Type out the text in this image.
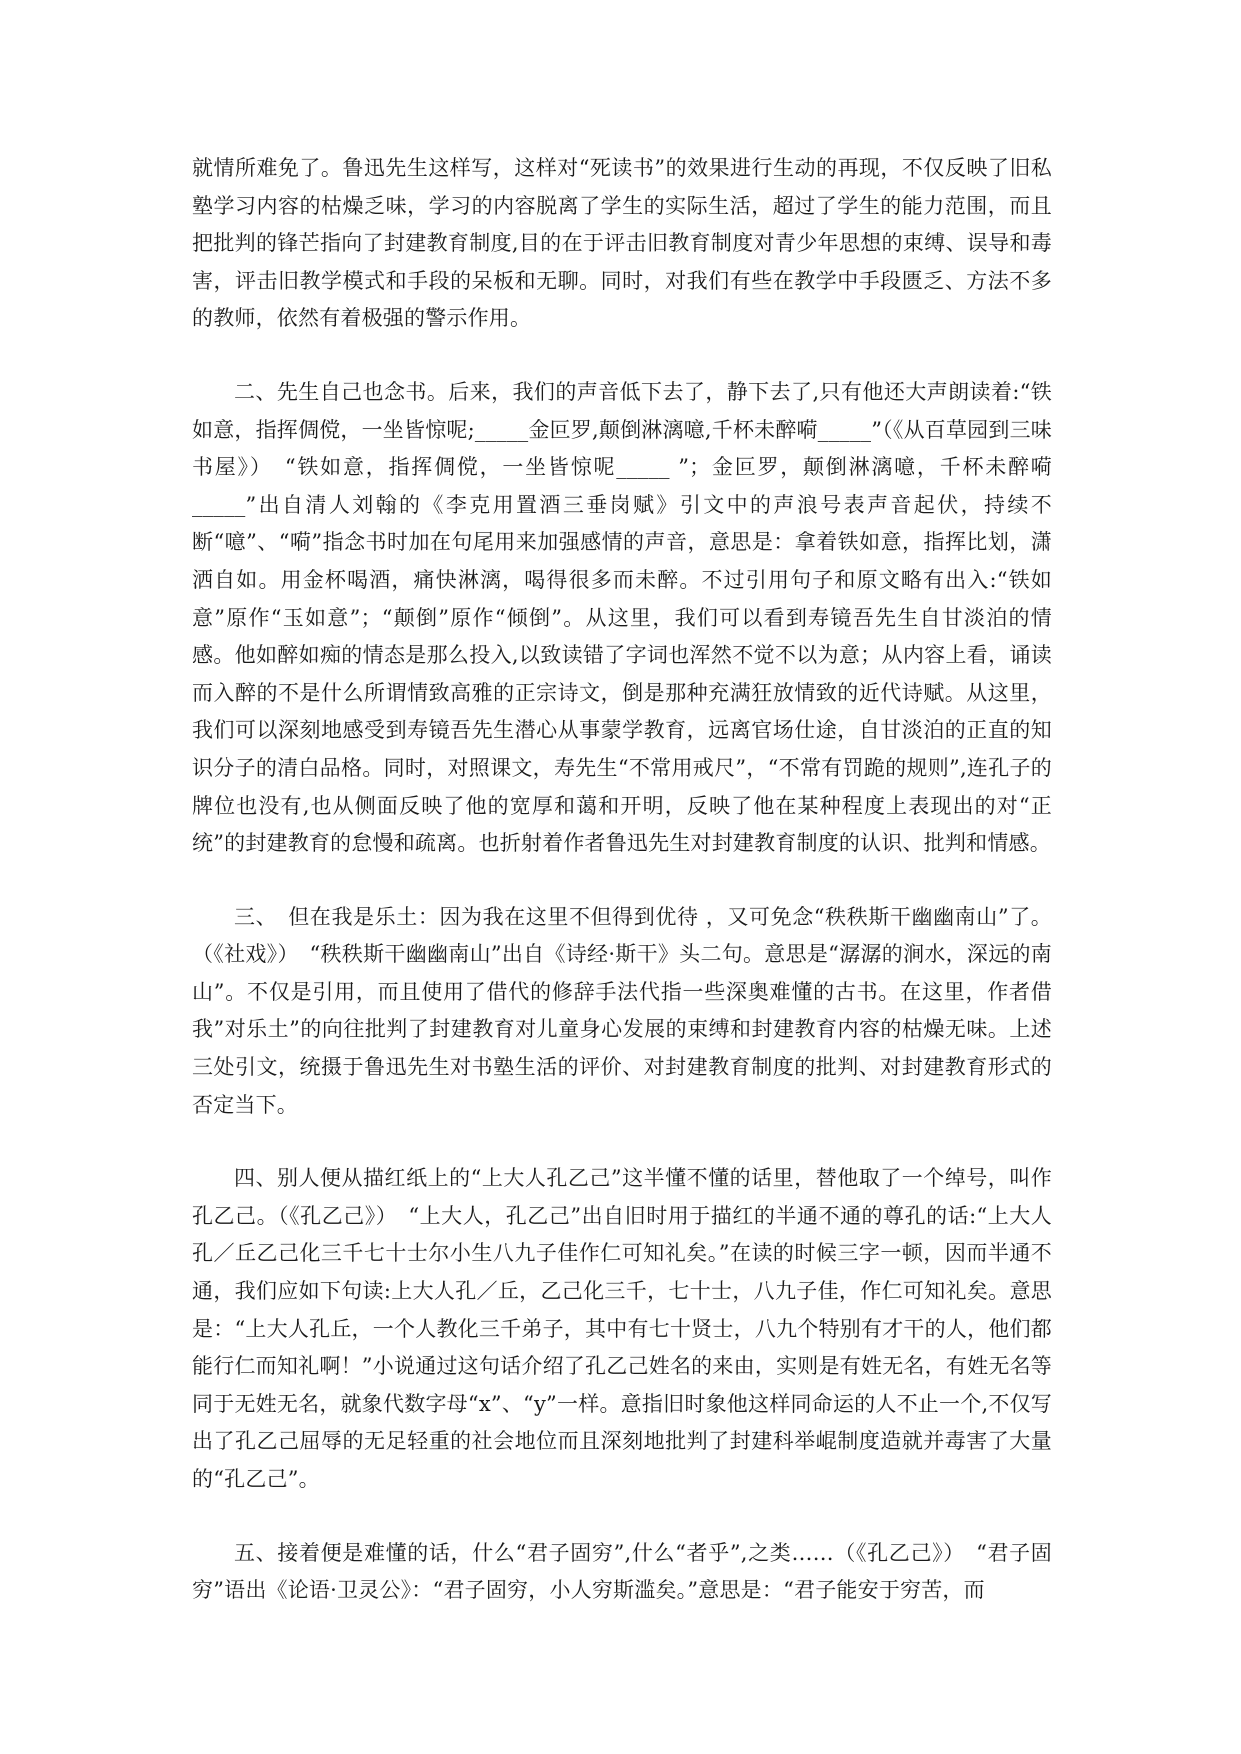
就情所难免了。鲁迅先生这样写，这样对“死读书”的效果进行生动的再现，不仅反映了旧私塾学习内容的枯燥乏味，学习的内容脱离了学生的实际生活，超过了学生的能力范围，而且把批判的锋芒指向了封建教育制度,目的在于评击旧教育制度对青少年思想的束缚、误导和毒害，评击旧教学模式和手段的呆板和无聊。同时，对我们有些在教学中手段匮乏、方法不多的教师，依然有着极强的警示作用。

二、先生自己也念书。后来，我们的声音低下去了，静下去了,只有他还大声朗读着:“铁如意，指挥倜傥，一坐皆惊呢;_____金叵罗,颠倒淋漓噫,千杯未醉嗬_____”（《从百草园到三味书屋》）　“铁如意，指挥倜傥，一坐皆惊呢_____ ”；金叵罗，颠倒淋漓噫，千杯未醉嗬_____”出自清人刘翰的《李克用置酒三垂岗赋》引文中的声浪号表声音起伏，持续不断“噫”、“嗬”指念书时加在句尾用来加强感情的声音，意思是：拿着铁如意，指挥比划，潇洒自如。用金杯喝酒，痛快淋漓，喝得很多而未醉。不过引用句子和原文略有出入:“铁如意”原作“玉如意”；“颠倒”原作“倾倒”。从这里，我们可以看到寿镜吾先生自甘淡泊的情感。他如醉如痴的情态是那么投入,以致读错了字词也浑然不觉不以为意；从内容上看，诵读而入醉的不是什么所谓情致高雅的正宗诗文，倒是那种充满狂放情致的近代诗赋。从这里，我们可以深刻地感受到寿镜吾先生潜心从事蒙学教育，远离官场仕途，自甘淡泊的正直的知识分子的清白品格。同时，对照课文，寿先生“不常用戒尺”，“不常有罚跪的规则”,连孔子的牌位也没有,也从侧面反映了他的宽厚和蔼和开明，反映了他在某种程度上表现出的对“正统”的封建教育的怠慢和疏离。也折射着作者鲁迅先生对封建教育制度的认识、批判和情感。

三、　但在我是乐土：因为我在这里不但得到优待 ，又可免念“秩秩斯干幽幽南山”了。（《社戏》）　“秩秩斯干幽幽南山”出自《诗经·斯干》头二句。意思是“潺潺的涧水，深远的南山”。不仅是引用，而且使用了借代的修辞手法代指一些深奥难懂的古书。在这里，作者借我”对乐土”的向往批判了封建教育对儿童身心发展的束缚和封建教育内容的枯燥无味。上述三处引文，统摄于鲁迅先生对书塾生活的评价、对封建教育制度的批判、对封建教育形式的否定当下。

四、别人便从描红纸上的“上大人孔乙己”这半懂不懂的话里，替他取了一个绰号，叫作孔乙己。（《孔乙己》）　“上大人，孔乙己”出自旧时用于描红的半通不通的尊孔的话:“上大人孔／丘乙己化三千七十士尔小生八九子佳作仁可知礼矣。”在读的时候三字一顿，因而半通不通，我们应如下句读:上大人孔／丘，乙己化三千，七十士，八九子佳，作仁可知礼矣。意思是：“上大人孔丘，一个人教化三千弟子，其中有七十贤士，八九个特别有才干的人，他们都能行仁而知礼啊！”小说通过这句话介绍了孔乙己姓名的来由，实则是有姓无名，有姓无名等同于无姓无名，就象代数字母“x”、“y”一样。意指旧时象他这样同命运的人不止一个,不仅写出了孔乙己屈辱的无足轻重的社会地位而且深刻地批判了封建科举崐制度造就并毒害了大量的“孔乙己”。

五、接着便是难懂的话，什么“君子固穷”,什么“者乎”,之类……（《孔乙己》）　“君子固穷”语出《论语·卫灵公》：“君子固穷，小人穷斯滥矣。”意思是：“君子能安于穷苦，而
